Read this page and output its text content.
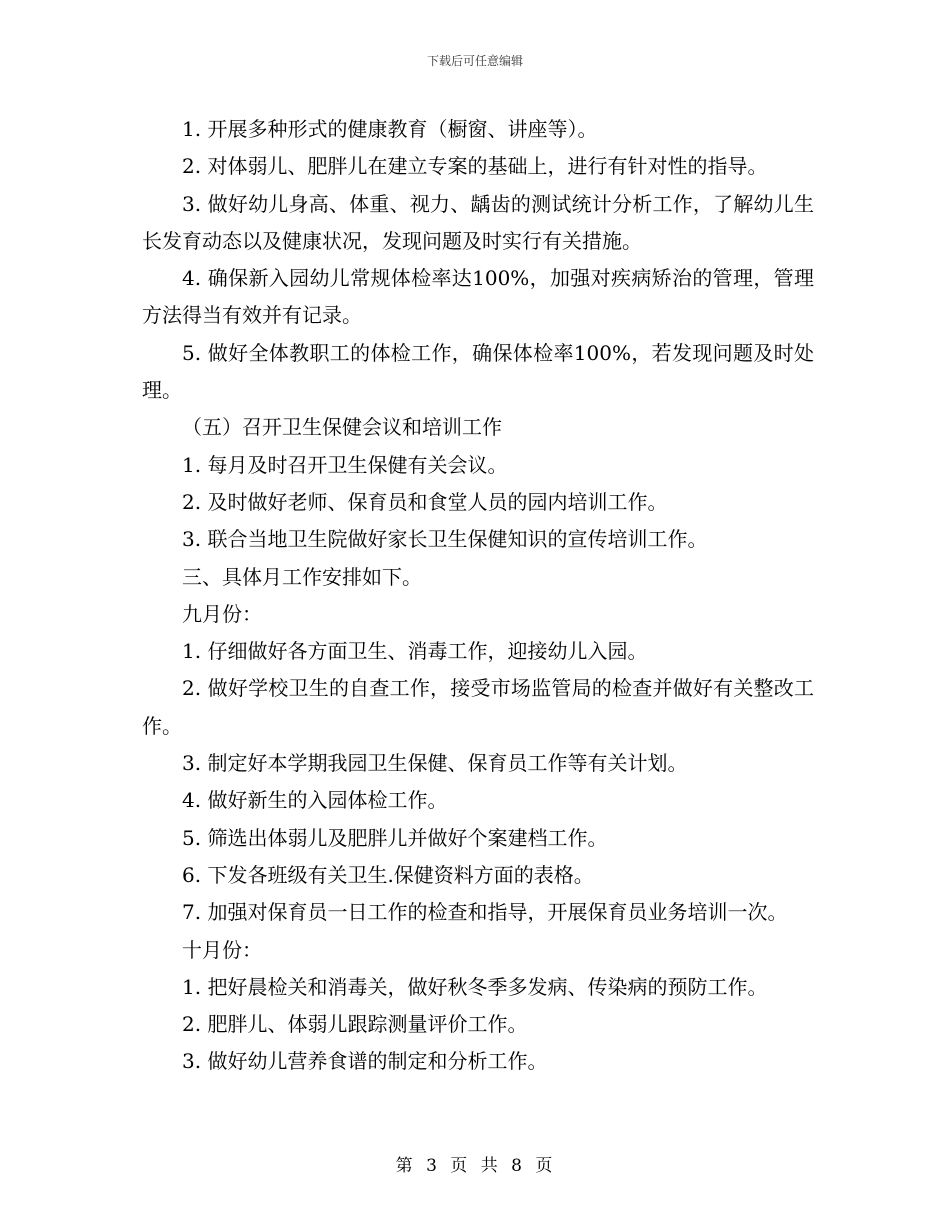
下载后可任意编辑

1. 开展多种形式的健康教育（橱窗、讲座等）。

2. 对体弱儿、肥胖儿在建立专案的基础上，进行有针对性的指导。

3. 做好幼儿身高、体重、视力、龋齿的测试统计分析工作，了解幼儿生长发育动态以及健康状况，发现问题及时实行有关措施。

4. 确保新入园幼儿常规体检率达100%，加强对疾病矫治的管理，管理方法得当有效并有记录。

5. 做好全体教职工的体检工作，确保体检率100%，若发现问题及时处理。

（五）召开卫生保健会议和培训工作

1. 每月及时召开卫生保健有关会议。

2. 及时做好老师、保育员和食堂人员的园内培训工作。

3. 联合当地卫生院做好家长卫生保健知识的宣传培训工作。

三、具体月工作安排如下。

九月份：

1. 仔细做好各方面卫生、消毒工作，迎接幼儿入园。

2. 做好学校卫生的自查工作，接受市场监管局的检查并做好有关整改工作。

3. 制定好本学期我园卫生保健、保育员工作等有关计划。

4. 做好新生的入园体检工作。

5. 筛选出体弱儿及肥胖儿并做好个案建档工作。

6. 下发各班级有关卫生.保健资料方面的表格。

7. 加强对保育员一日工作的检查和指导，开展保育员业务培训一次。

十月份：

1. 把好晨检关和消毒关，做好秋冬季多发病、传染病的预防工作。

2. 肥胖儿、体弱儿跟踪测量评价工作。

3. 做好幼儿营养食谱的制定和分析工作。

第 3 页 共 8 页
